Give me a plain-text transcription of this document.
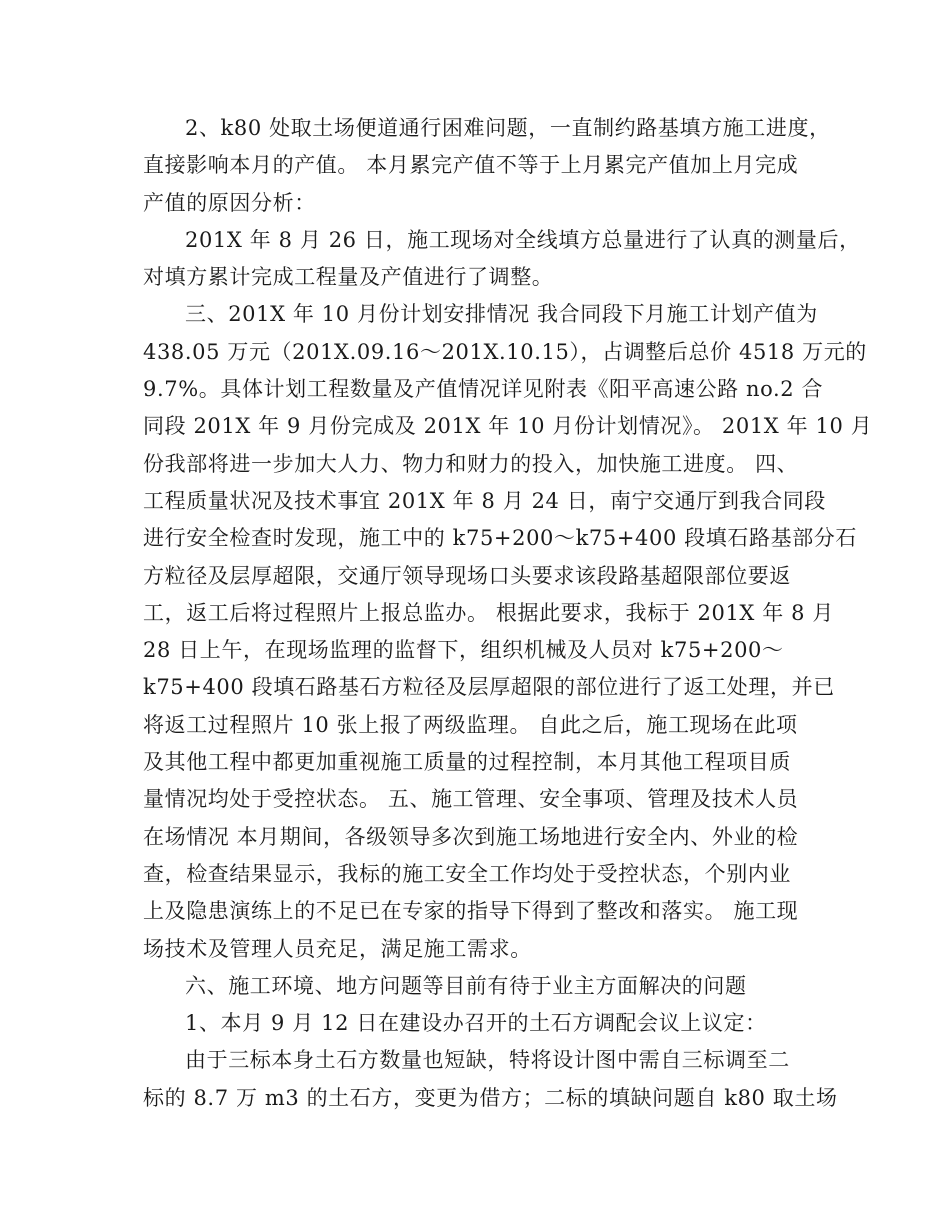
2、k80 处取土场便道通行困难问题，一直制约路基填方施工进度，
直接影响本月的产值。 本月累完产值不等于上月累完产值加上月完成
产值的原因分析：
201X 年 8 月 26 日，施工现场对全线填方总量进行了认真的测量后，
对填方累计完成工程量及产值进行了调整。
三、201X 年 10 月份计划安排情况 我合同段下月施工计划产值为
438.05 万元（201X.09.16～201X.10.15），占调整后总价 4518 万元的
9.7%。具体计划工程数量及产值情况详见附表《阳平高速公路 no.2 合
同段 201X 年 9 月份完成及 201X 年 10 月份计划情况》。 201X 年 10 月
份我部将进一步加大人力、物力和财力的投入，加快施工进度。 四、
工程质量状况及技术事宜 201X 年 8 月 24 日，南宁交通厅到我合同段
进行安全检查时发现，施工中的 k75+200～k75+400 段填石路基部分石
方粒径及层厚超限，交通厅领导现场口头要求该段路基超限部位要返
工，返工后将过程照片上报总监办。 根据此要求，我标于 201X 年 8 月
28 日上午，在现场监理的监督下，组织机械及人员对 k75+200～
k75+400 段填石路基石方粒径及层厚超限的部位进行了返工处理，并已
将返工过程照片 10 张上报了两级监理。 自此之后，施工现场在此项
及其他工程中都更加重视施工质量的过程控制，本月其他工程项目质
量情况均处于受控状态。 五、施工管理、安全事项、管理及技术人员
在场情况 本月期间，各级领导多次到施工场地进行安全内、外业的检
查，检查结果显示，我标的施工安全工作均处于受控状态，个别内业
上及隐患演练上的不足已在专家的指导下得到了整改和落实。 施工现
场技术及管理人员充足，满足施工需求。
六、施工环境、地方问题等目前有待于业主方面解决的问题
1、本月 9 月 12 日在建设办召开的土石方调配会议上议定：
由于三标本身土石方数量也短缺，特将设计图中需自三标调至二
标的 8.7 万 m3 的土石方，变更为借方；二标的填缺问题自 k80 取土场
